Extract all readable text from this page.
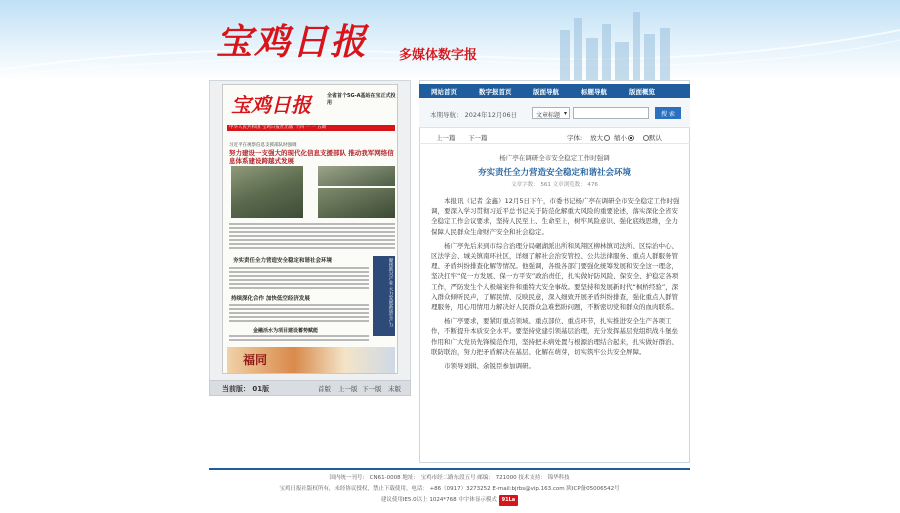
宝鸡日报 多媒体数字报
宝鸡日报	全省首个5G-A基站在宝正式投用
中华人民共和国 宝鸡日报社出版 十四 一 一 五期
习近平在视察信息支援部队时强调
努力建设一支强大的现代化信息支援部队 推动我军网络信息体系建设跨越式发展
夯实责任全力营造安全稳定和谐社会环境
持续深化合作 加快低空经济发展
金融活水为项目建设蓄势赋能
聚焦新兴产业 大力发展新质生产力
福同
当前版： 01版	首版 上一版 下一版 末版
网站首页	数字报首页	版面导航	标题导航	版面概览
本期导航： 2024年12月06日	文章标题 ▾	搜 索
上一篇 下一篇	字体: 放大	缩小	默认
杨广亭在调研全市安全稳定工作时强调
夯实责任全力营造安全稳定和谐社会环境
文章字数： 561 文章浏览数： 476

本报讯（记者 金鑫）12月5日下午，市委书记杨广亭在调研全市安全稳定工作时强调，要深入学习贯彻习近平总书记关于防范化解重大风险的重要论述，落实深化全省安全稳定工作会议要求，坚持人民至上、生命至上，树牢风险意识、强化底线思维，全力保障人民群众生命财产安全和社会稳定。

杨广亭先后来到市综合治理分局碾湖派出所和凤翔区柳林镇司法所、区综治中心、区法学会、城关镇南环社区，详细了解社会治安管控、公共法律服务、重点人群服务管理、矛盾纠纷排查化解等情况。他强调，各级各部门要强化统筹发展和安全这一理念，坚决扛牢“促一方发展、保一方平安”政治责任，扎实做好防风险、保安全、护稳定各项工作，严防发生个人极端案件和重特大安全事故。要坚持和发展新时代“枫桥经验”，深入群众倾听民声，了解民情、反映民意，深入细致开展矛盾纠纷排查，强化重点人群管理服务，用心用情用力解决好人民群众急难愁盼问题，不断密切党和群众的血肉联系。

杨广亭要求，要紧盯重点领域、重点部位、重点环节，扎实推进安全生产各项工作，不断提升本质安全水平。要坚持党建引领基层治理，充分发挥基层党组织战斗堡垒作用和广大党员先锋模范作用，坚持把未病处置与根源治理结合起来，扎实做好群治、联防联治，努力把矛盾解决在基层、化解在萌芽，切实筑牢公共安全屏障。

市领导刘辑、余锐臣参加调研。

国内统一刊号： CN61-0008 地址： 宝鸡市经二路东段五号 邮编： 721000 技术支持： 锦华科技
宝鸡日报社版权所有，未经协议授权，禁止下载使用。电话： +86（0917）3273252 E-mail:bjrbs@vip.163.com 陕ICP备05006542号
建议使用IE5.0以上 1024*768 中宇体显示模式 91La
